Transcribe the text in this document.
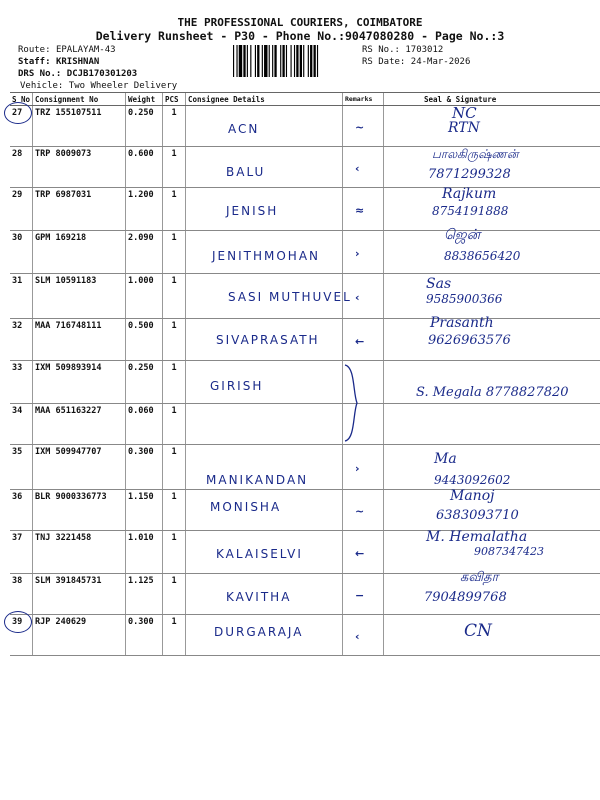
THE PROFESSIONAL COURIERS, COIMBATORE
Delivery Runsheet - P30 - Phone No.:9047080280 - Page No.:3
Route: EPALAYAM-43
Staff: KRISHNAN
DRS No.: DCJB170301203
Vehicle: Two Wheeler Delivery
RS No.: 1703012
RS Date: 24-Mar-2026
S No	Consignment No	Weight	PCS	Consignee Details	Remarks	Seal & Signature
27	TRZ 155107511	0.250	1	ACN	~	NC
RTN

28	TRP 8009073	0.600	1	BALU	‹	பாலகிருஷ்ணன்
7871299328

29	TRP 6987031	1.200	1	JENISH	≈	Rajkum
8754191888

30	GPM 169218	2.090	1	JENITHMOHAN	›	ஜென்
8838656420

31	SLM 10591183	1.000	1	SASI MUTHUVEL	‹	Sas
9585900366

32	MAA 716748111	0.500	1	SIVAPRASATH	←	Prasanth
9626963576

33	IXM 509893914	0.250	1	GIRISH		S. Megala 8778827820

34	MAA 651163227	0.060	1			
35	IXM 509947707	0.300	1	MANIKANDAN	›	Ma
9443092602

36	BLR 9000336773	1.150	1	MONISHA	~	Manoj
6383093710

37	TNJ 3221458	1.010	1	KALAISELVI	←	M. Hemalatha
9087347423

38	SLM 391845731	1.125	1	KAVITHA	−	கவிதா
7904899768

39	RJP 240629	0.300	1	DURGARAJA	‹	CN
